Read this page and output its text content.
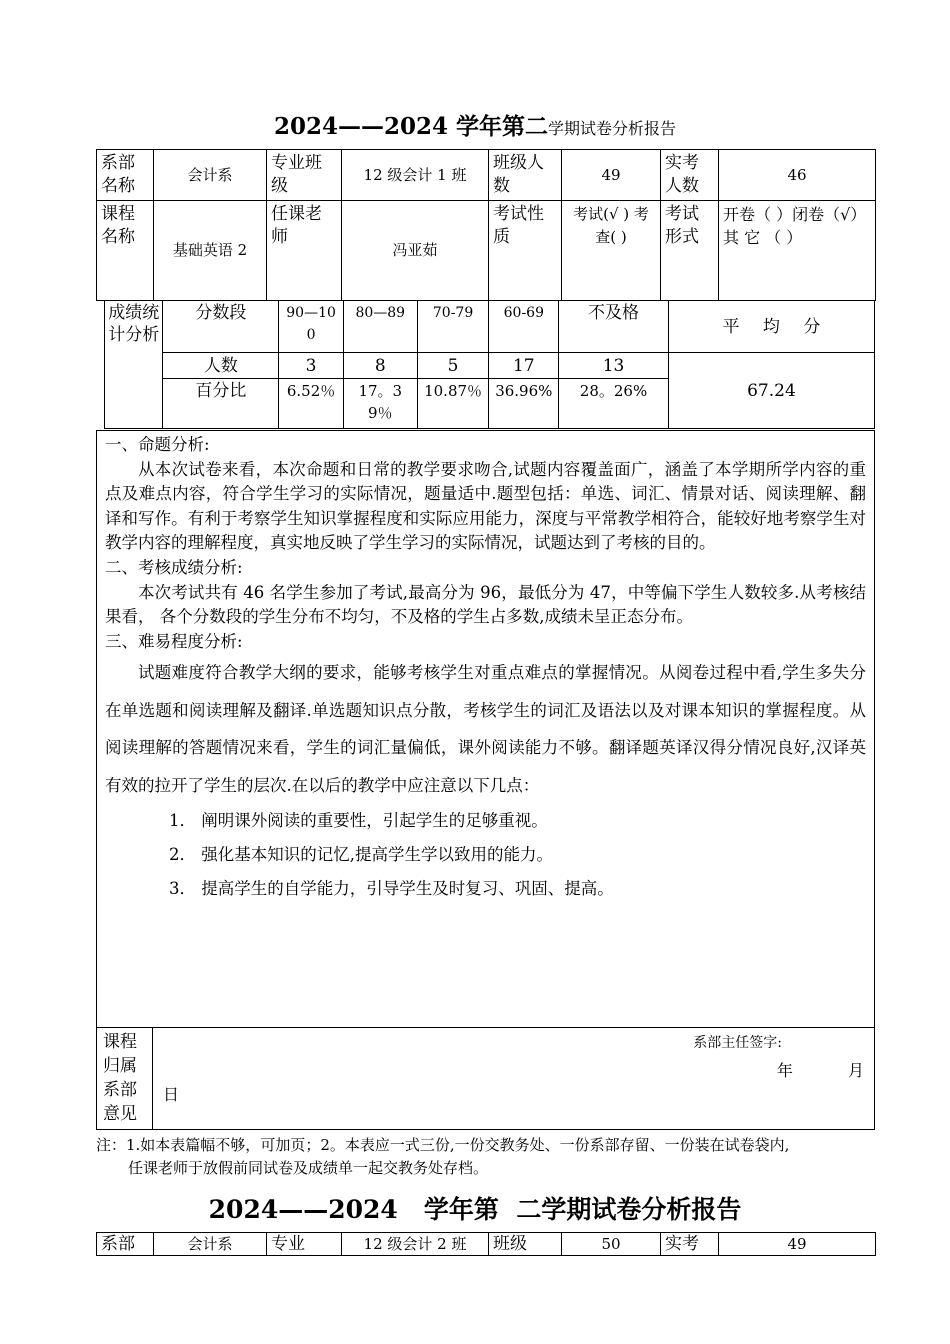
2024——2024 学年第二学期试卷分析报告
系部名称	会计系	专业班级	12 级会计 1 班	班级人数	49	实考人数	46
课程名称	基础英语 2	任课老师	冯亚茹	考试性质	考试(√ ) 考查( )	考试形式	开卷（ ）闭卷（√）
其 它 （ ）
成绩统计分析	分数段	90—100	80—89	70-79	60-69	不及格	平 均 分
	人数	3	8	5	17	13	67.24
	百分比	6.52％	17。39％	10.87％	36.96%	28。26%	

一、命题分析:

从本次试卷来看，本次命题和日常的教学要求吻合,试题内容覆盖面广，涵盖了本学期所学内容的重点及难点内容，符合学生学习的实际情况，题量适中.题型包括：单选、词汇、情景对话、阅读理解、翻译和写作。有利于考察学生知识掌握程度和实际应用能力，深度与平常教学相符合，能较好地考察学生对教学内容的理解程度，真实地反映了学生学习的实际情况，试题达到了考核的目的。

二、考核成绩分析:

本次考试共有 46 名学生参加了考试,最高分为 96，最低分为 47，中等偏下学生人数较多.从考核结果看， 各个分数段的学生分布不均匀，不及格的学生占多数,成绩未呈正态分布。

三、难易程度分析:

试题难度符合教学大纲的要求，能够考核学生对重点难点的掌握情况。从阅卷过程中看,学生多失分在单选题和阅读理解及翻译.单选题知识点分散，考核学生的词汇及语法以及对课本知识的掌握程度。从阅读理解的答题情况来看，学生的词汇量偏低，课外阅读能力不够。翻译题英译汉得分情况良好,汉译英有效的拉开了学生的层次.在以后的教学中应注意以下几点：

1． 阐明课外阅读的重要性，引起学生的足够重视。

2． 强化基本知识的记忆,提高学生学以致用的能力。

3． 提高学生的自学能力，引导学生及时复习、巩固、提高。

课程归属系部意见
系部主任签字:
年 月
日
注：1.如本表篇幅不够，可加页；2。本表应一式三份,一份交教务处、一份系部存留、一份装在试卷袋内,
任课老师于放假前同试卷及成绩单一起交教务处存档。
2024——2024   学年第  二学期试卷分析报告
系部	会计系	专业	12 级会计 2 班	班级	50	实考	49
